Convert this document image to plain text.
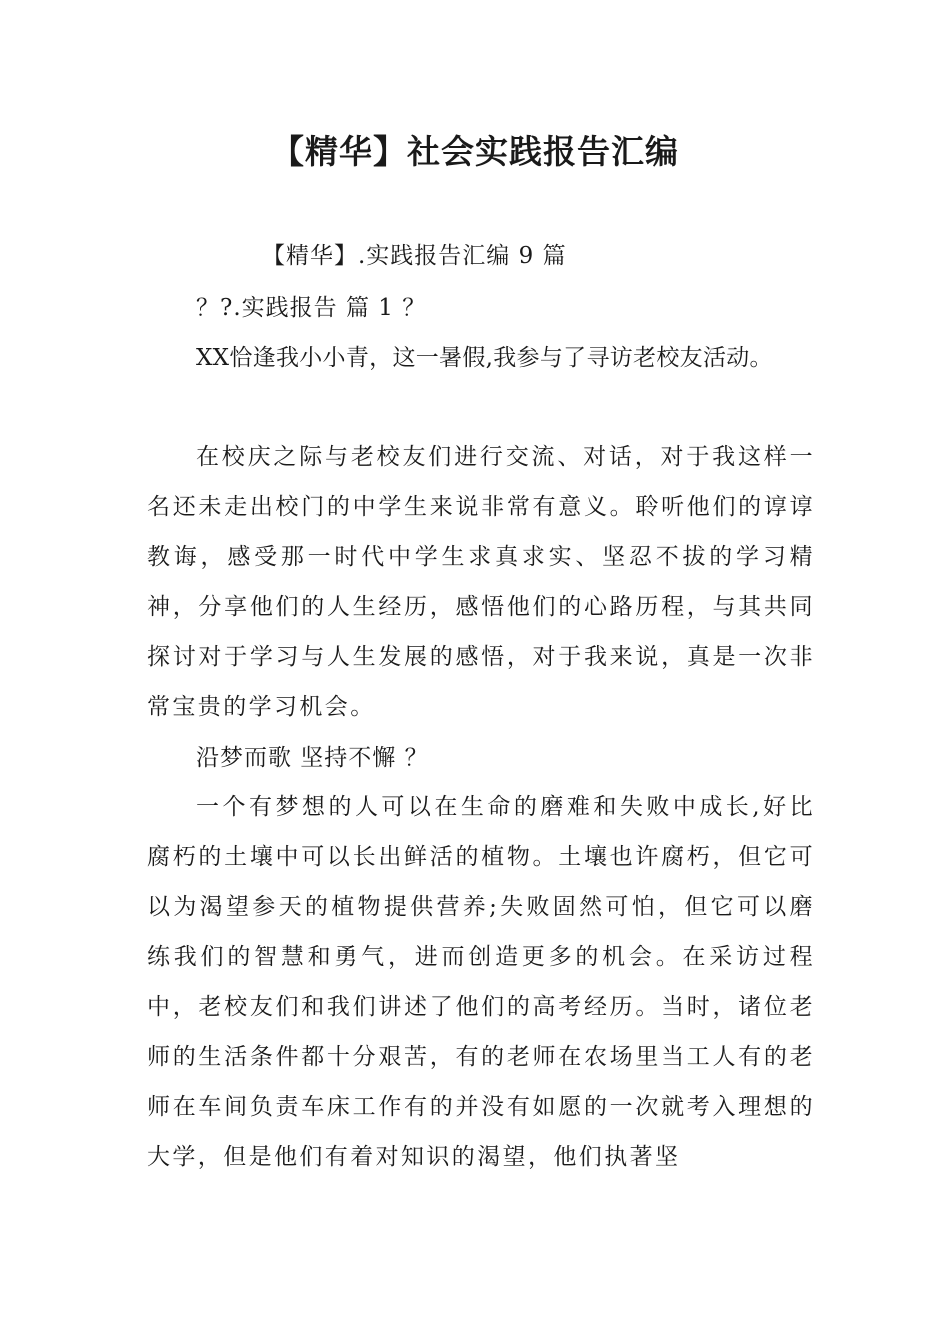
【精华】社会实践报告汇编

【精华】.实践报告汇编 9 篇

？?.实践报告 篇 1 ？

XX恰逢我小小青，这一暑假,我参与了寻访老校友活动。

在校庆之际与老校友们进行交流、对话，对于我这样一名还未走出校门的中学生来说非常有意义。聆听他们的谆谆教诲，感受那一时代中学生求真求实、坚忍不拔的学习精神，分享他们的人生经历，感悟他们的心路历程，与其共同探讨对于学习与人生发展的感悟，对于我来说，真是一次非常宝贵的学习机会。

沿梦而歌 坚持不懈 ？

一个有梦想的人可以在生命的磨难和失败中成长,好比腐朽的土壤中可以长出鲜活的植物。土壤也许腐朽，但它可以为渴望参天的植物提供营养;失败固然可怕，但它可以磨练我们的智慧和勇气，进而创造更多的机会。在采访过程中，老校友们和我们讲述了他们的高考经历。当时，诸位老师的生活条件都十分艰苦，有的老师在农场里当工人有的老师在车间负责车床工作有的并没有如愿的一次就考入理想的大学，但是他们有着对知识的渴望，他们执著坚
